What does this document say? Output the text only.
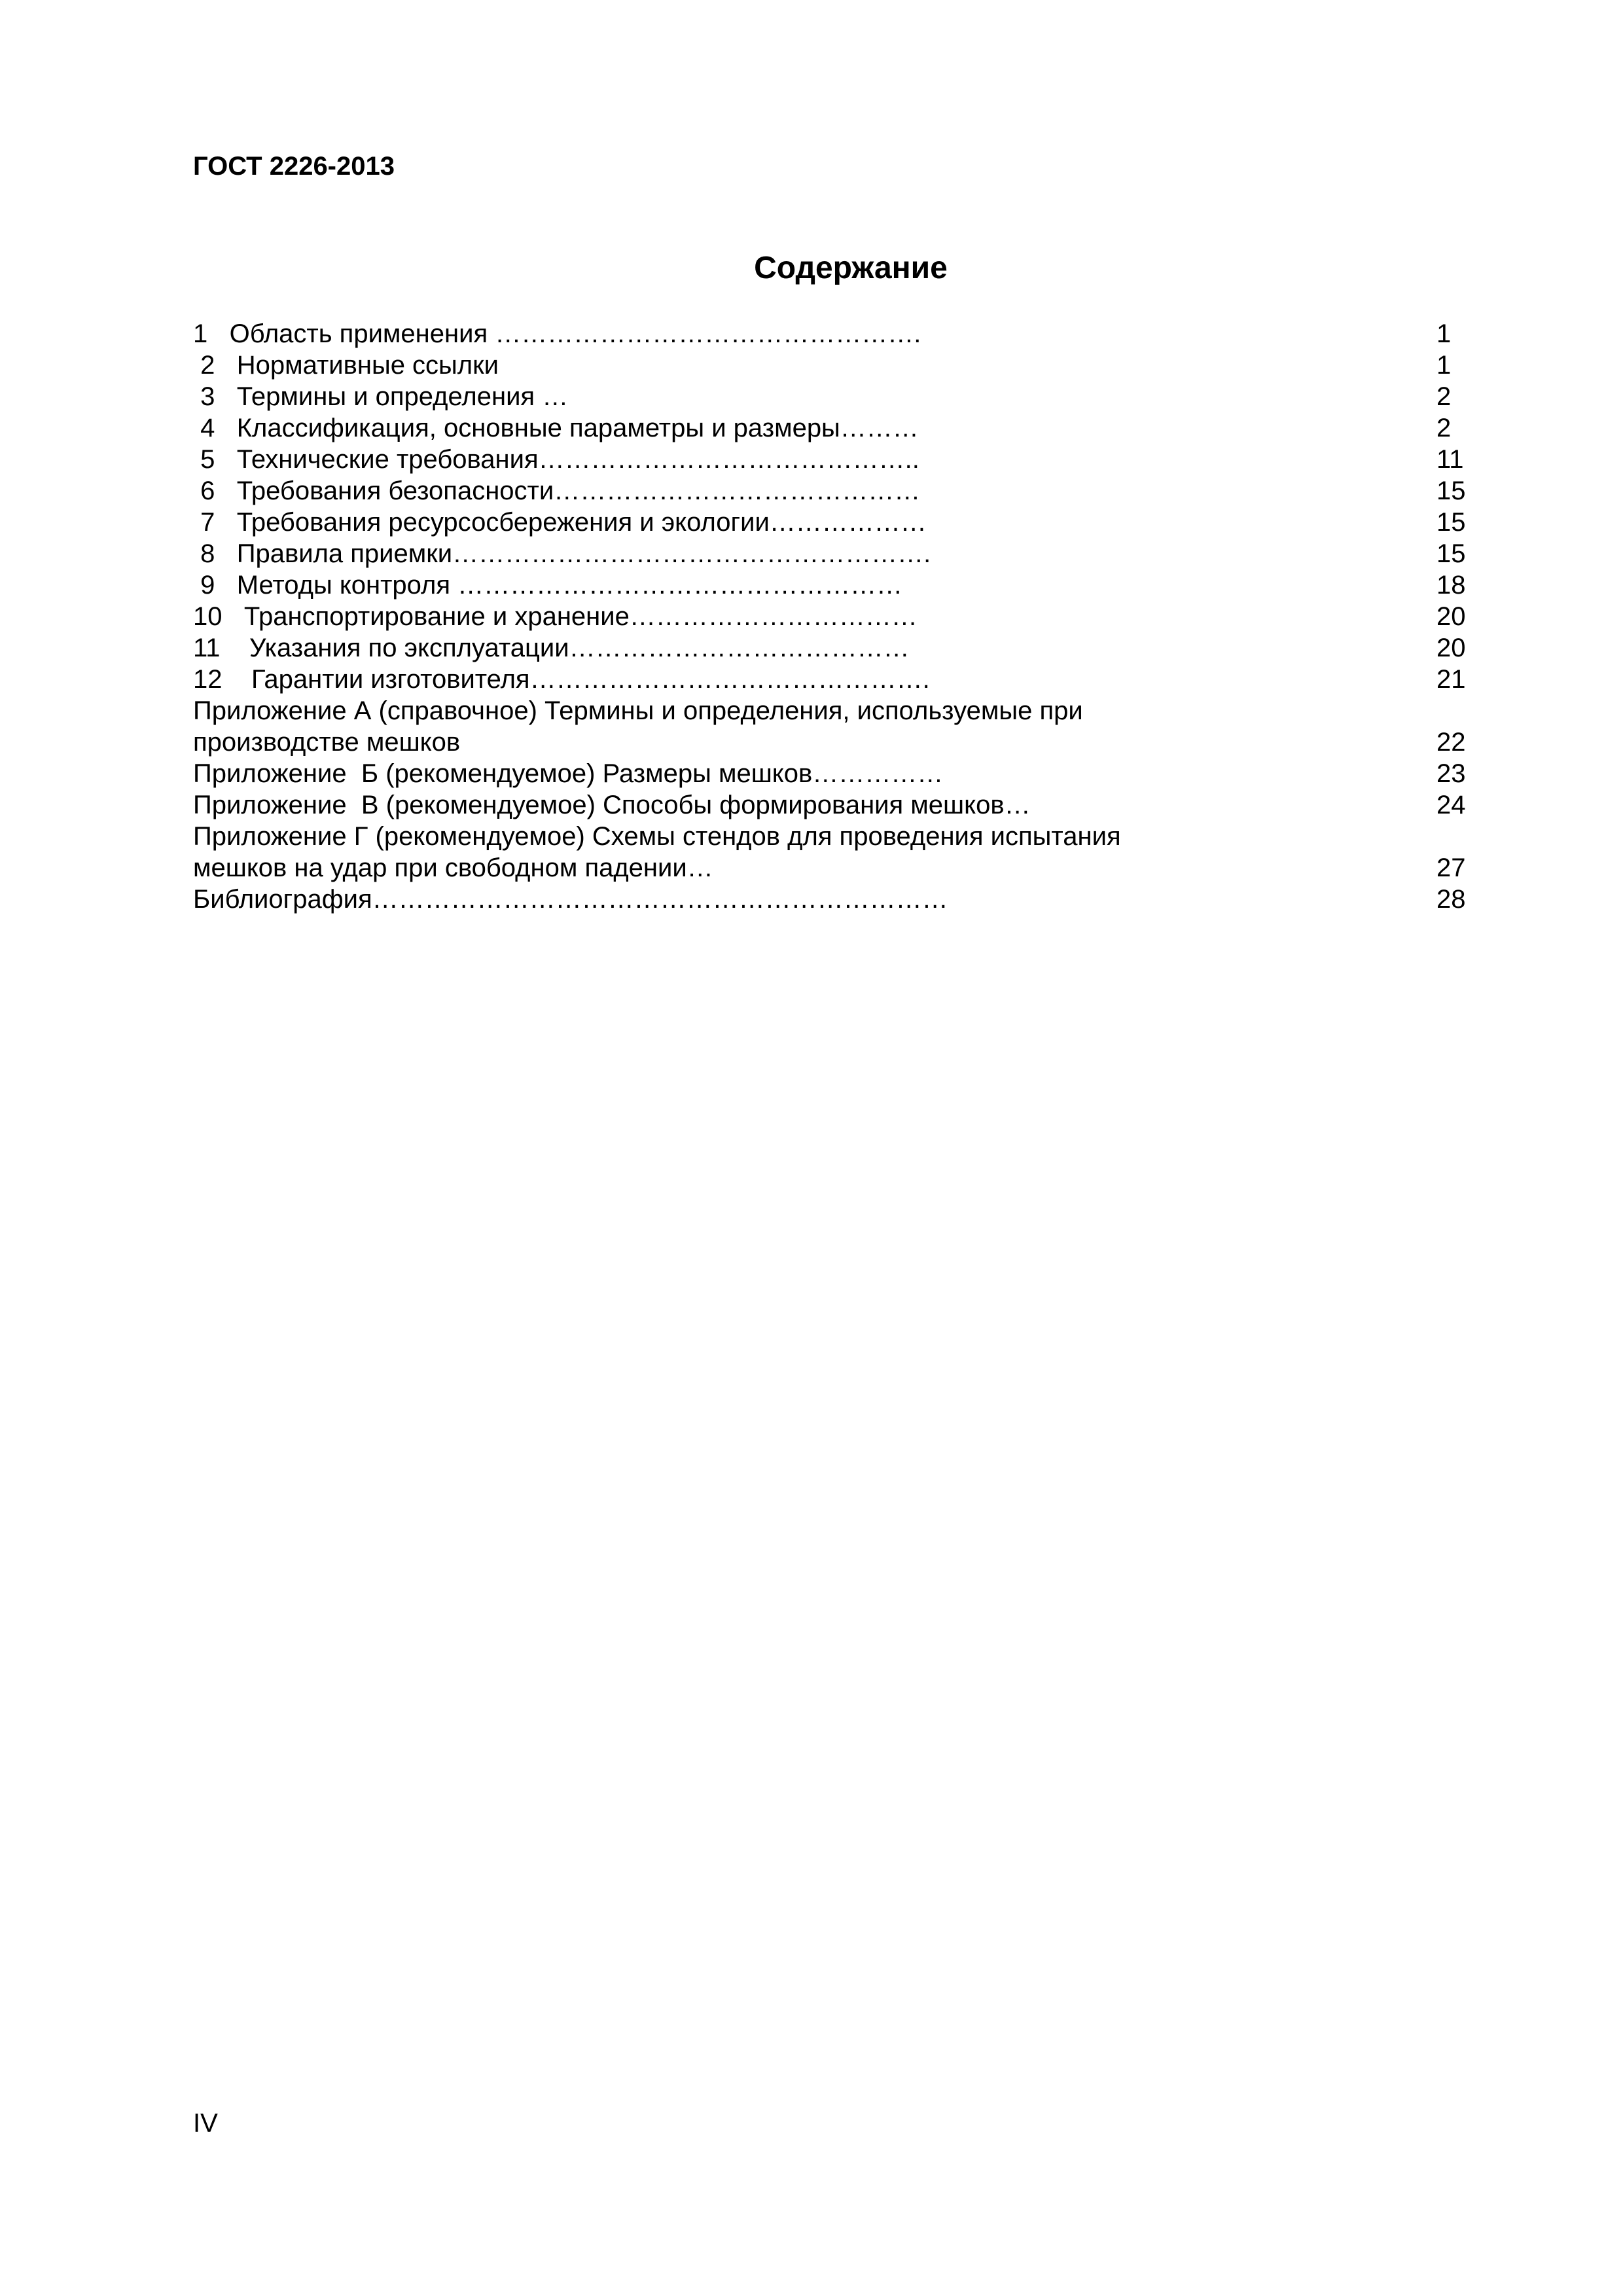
ГОСТ 2226-2013
Содержание
1   Область применения ………………………………………….	1
2   Нормативные ссылки	1
3   Термины и определения …	2
4   Классификация, основные параметры и размеры………	2
5   Технические требования……………………………………..	11
6   Требования безопасности……………………………………	15
7   Требования ресурсосбережения и экологии………………	15
8   Правила приемки……………………………………………….	15
9   Методы контроля ……………………………………………	18
10   Транспортирование и хранение……………………………	20
11    Указания по эксплуатации…………………………………	20
12    Гарантии изготовителя……………………………………….	21
Приложение А (справочное) Термины и определения, используемые при
производстве мешков	22
Приложение  Б (рекомендуемое) Размеры мешков……………	23
Приложение  В (рекомендуемое) Способы формирования мешков…	24
Приложение Г (рекомендуемое) Схемы стендов для проведения испытания
мешков на удар при свободном падении…	27
Библиография…………………………………………………………	28
IV
